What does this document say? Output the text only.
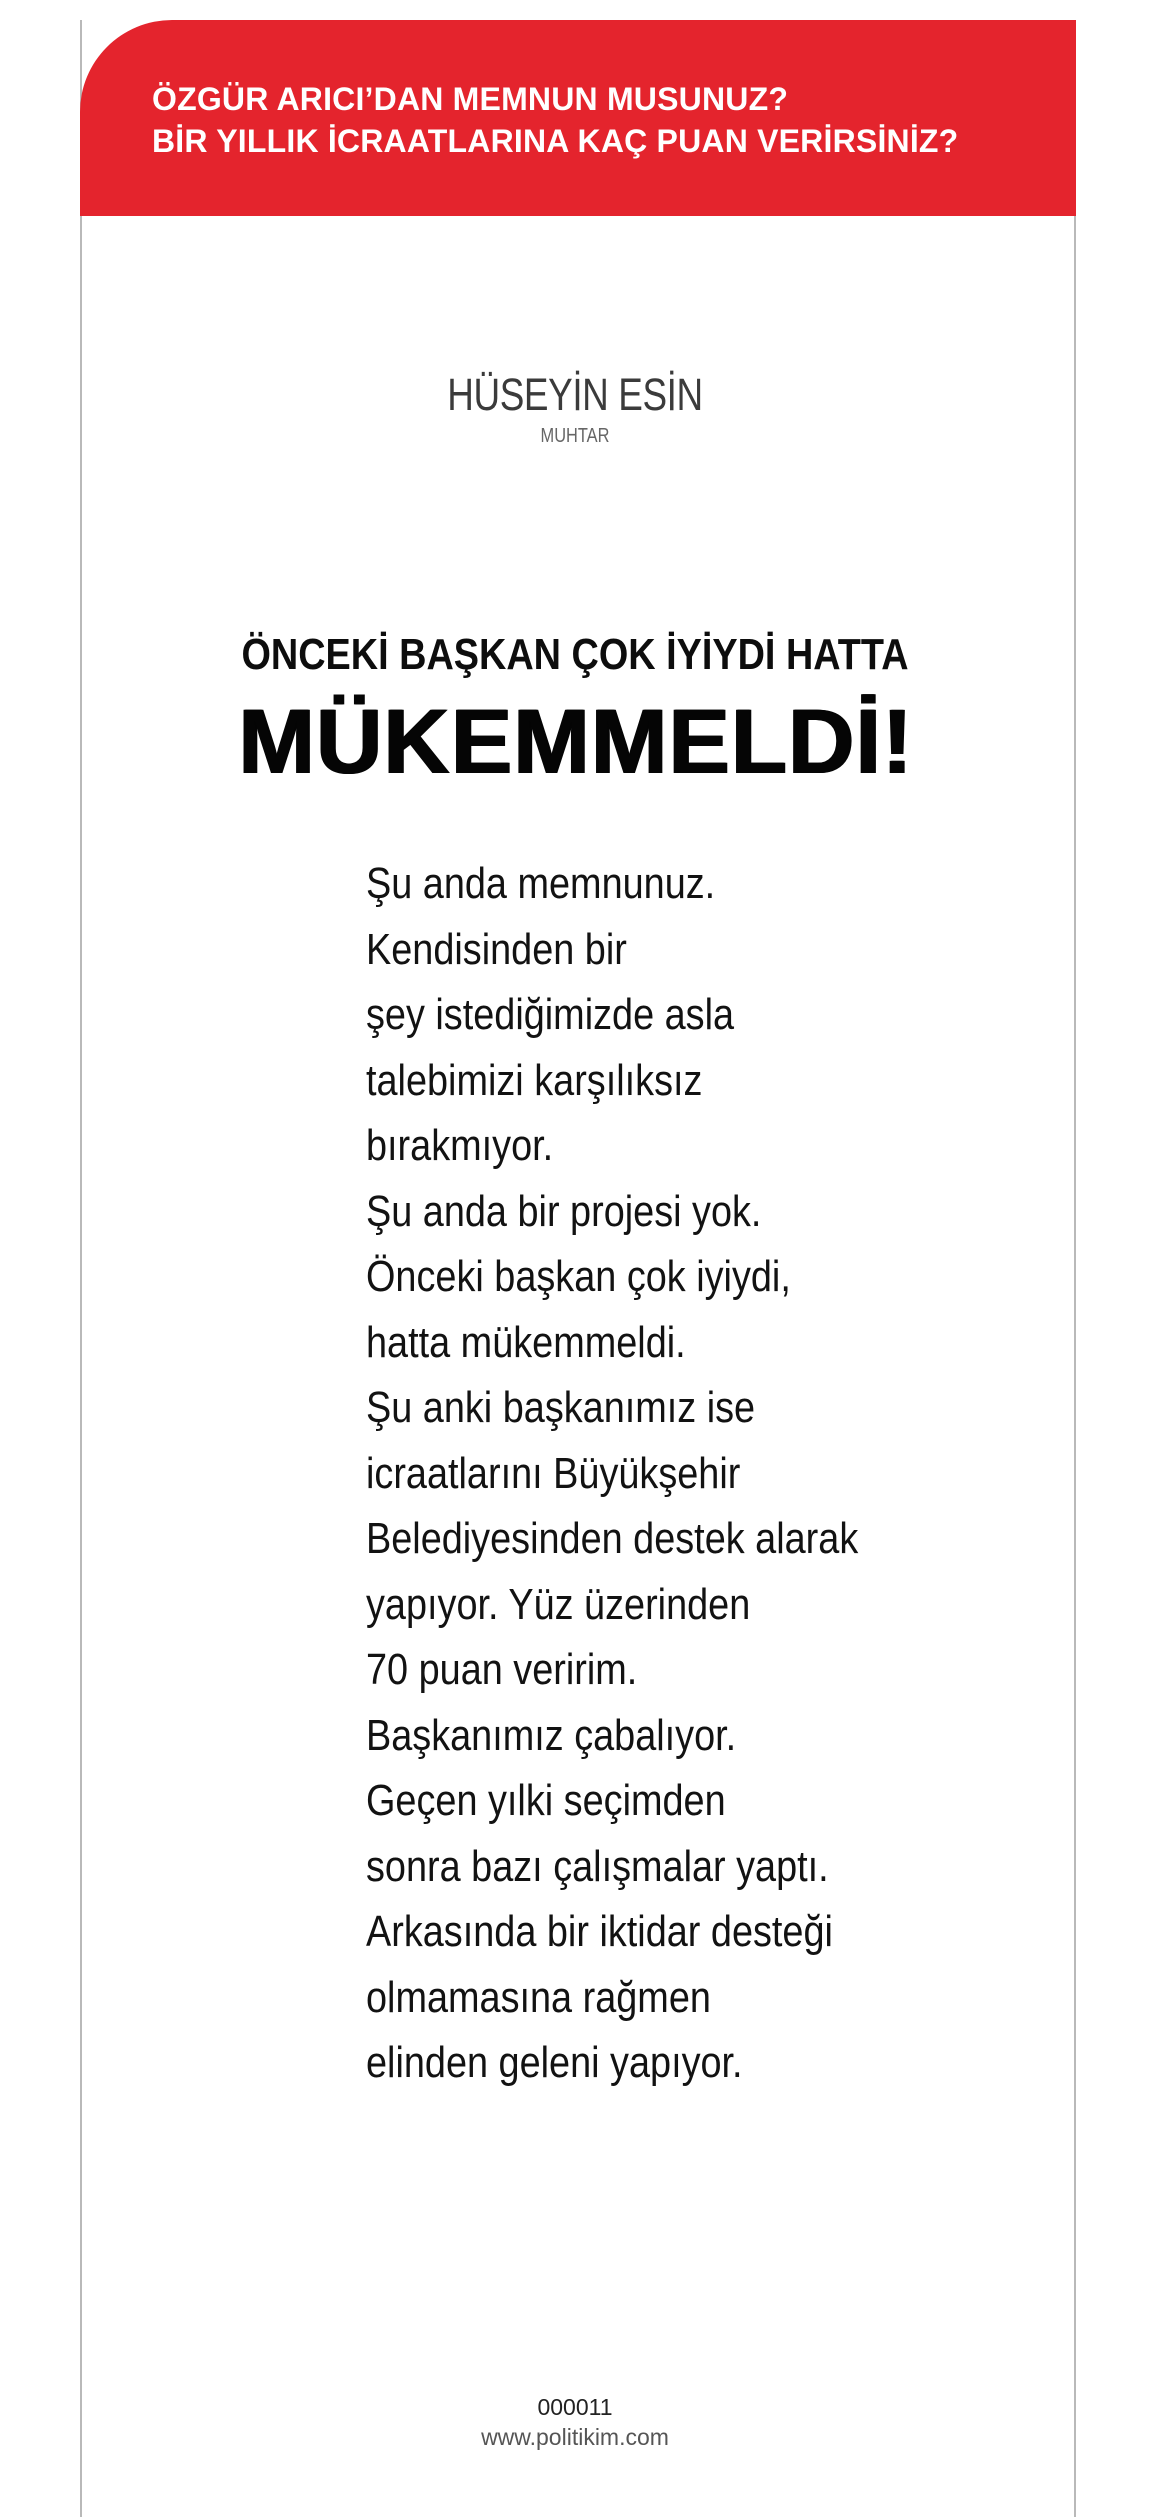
ÖZGÜR ARICI’DAN MEMNUN MUSUNUZ?
BİR YILLIK İCRAATLARINA KAÇ PUAN VERİRSİNİZ?
HÜSEYİN ESİN
MUHTAR
ÖNCEKİ BAŞKAN ÇOK İYİYDİ HATTA
MÜKEMMELDİ!
Şu anda memnunuz.
Kendisinden bir
şey istediğimizde asla
talebimizi karşılıksız
bırakmıyor.
Şu anda bir projesi yok.
Önceki başkan çok iyiydi,
hatta mükemmeldi.
Şu anki başkanımız ise
icraatlarını Büyükşehir
Belediyesinden destek alarak
yapıyor. Yüz üzerinden
70 puan veririm.
Başkanımız çabalıyor.
Geçen yılki seçimden
sonra bazı çalışmalar yaptı.
Arkasında bir iktidar desteği
olmamasına rağmen
elinden geleni yapıyor.
000011
www.politikim.com
